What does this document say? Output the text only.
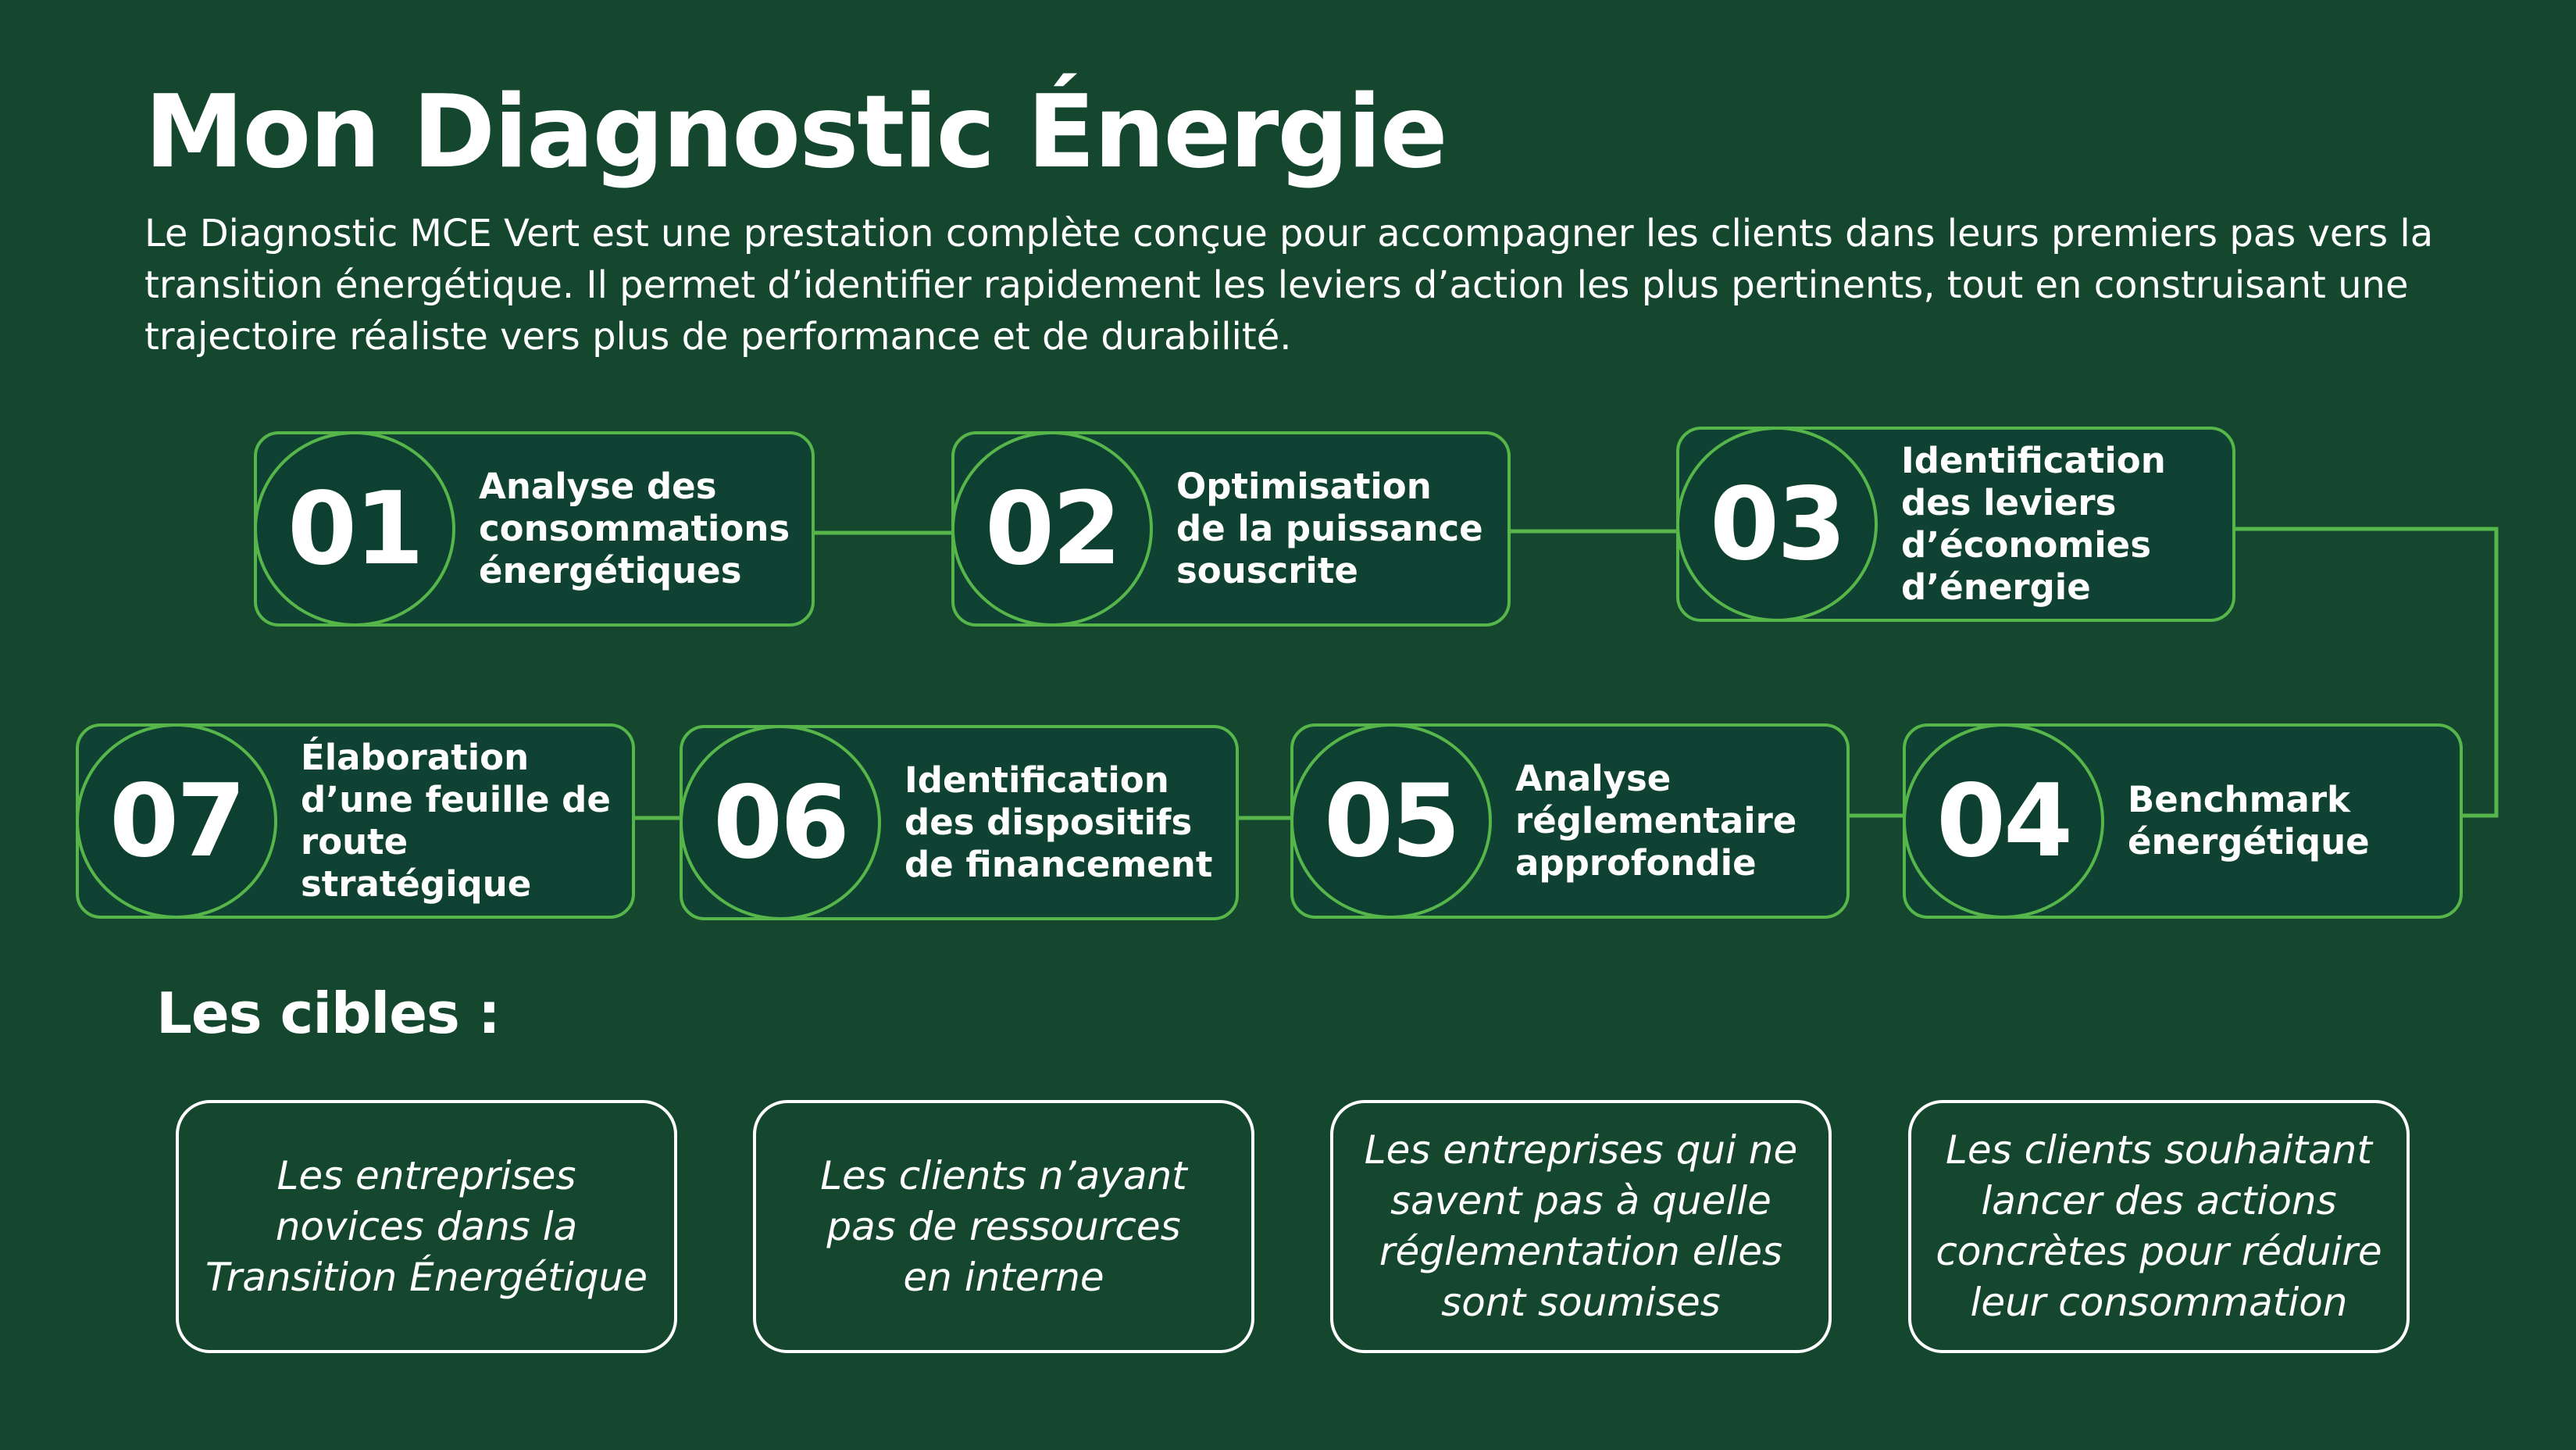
Mon Diagnostic Énergie

Le Diagnostic MCE Vert est une prestation complète conçue pour accompagner les clients dans leurs premiers pas vers la transition énergétique. Il permet d’identifier rapidement les leviers d’action les plus pertinents, tout en construisant une trajectoire réaliste vers plus de performance et de durabilité.

01	Analyse des
consommations
énergétiques	02	Optimisation
de la puissance
souscrite	03
Identification
des leviers
d’économies
d’énergie
04	Benchmark
énergétique
05	Analyse
réglementaire
approfondie
06	Identification
des dispositifs
de financement
07
Élaboration
d’une feuille de
route stratégique
Les cibles :
Les entreprises
novices dans la
Transition Énergétique
Les clients n’ayant
pas de ressources
en interne
Les entreprises qui ne
savent pas à quelle
réglementation elles
sont soumises
Les clients souhaitant
lancer des actions
concrètes pour réduire
leur consommation
